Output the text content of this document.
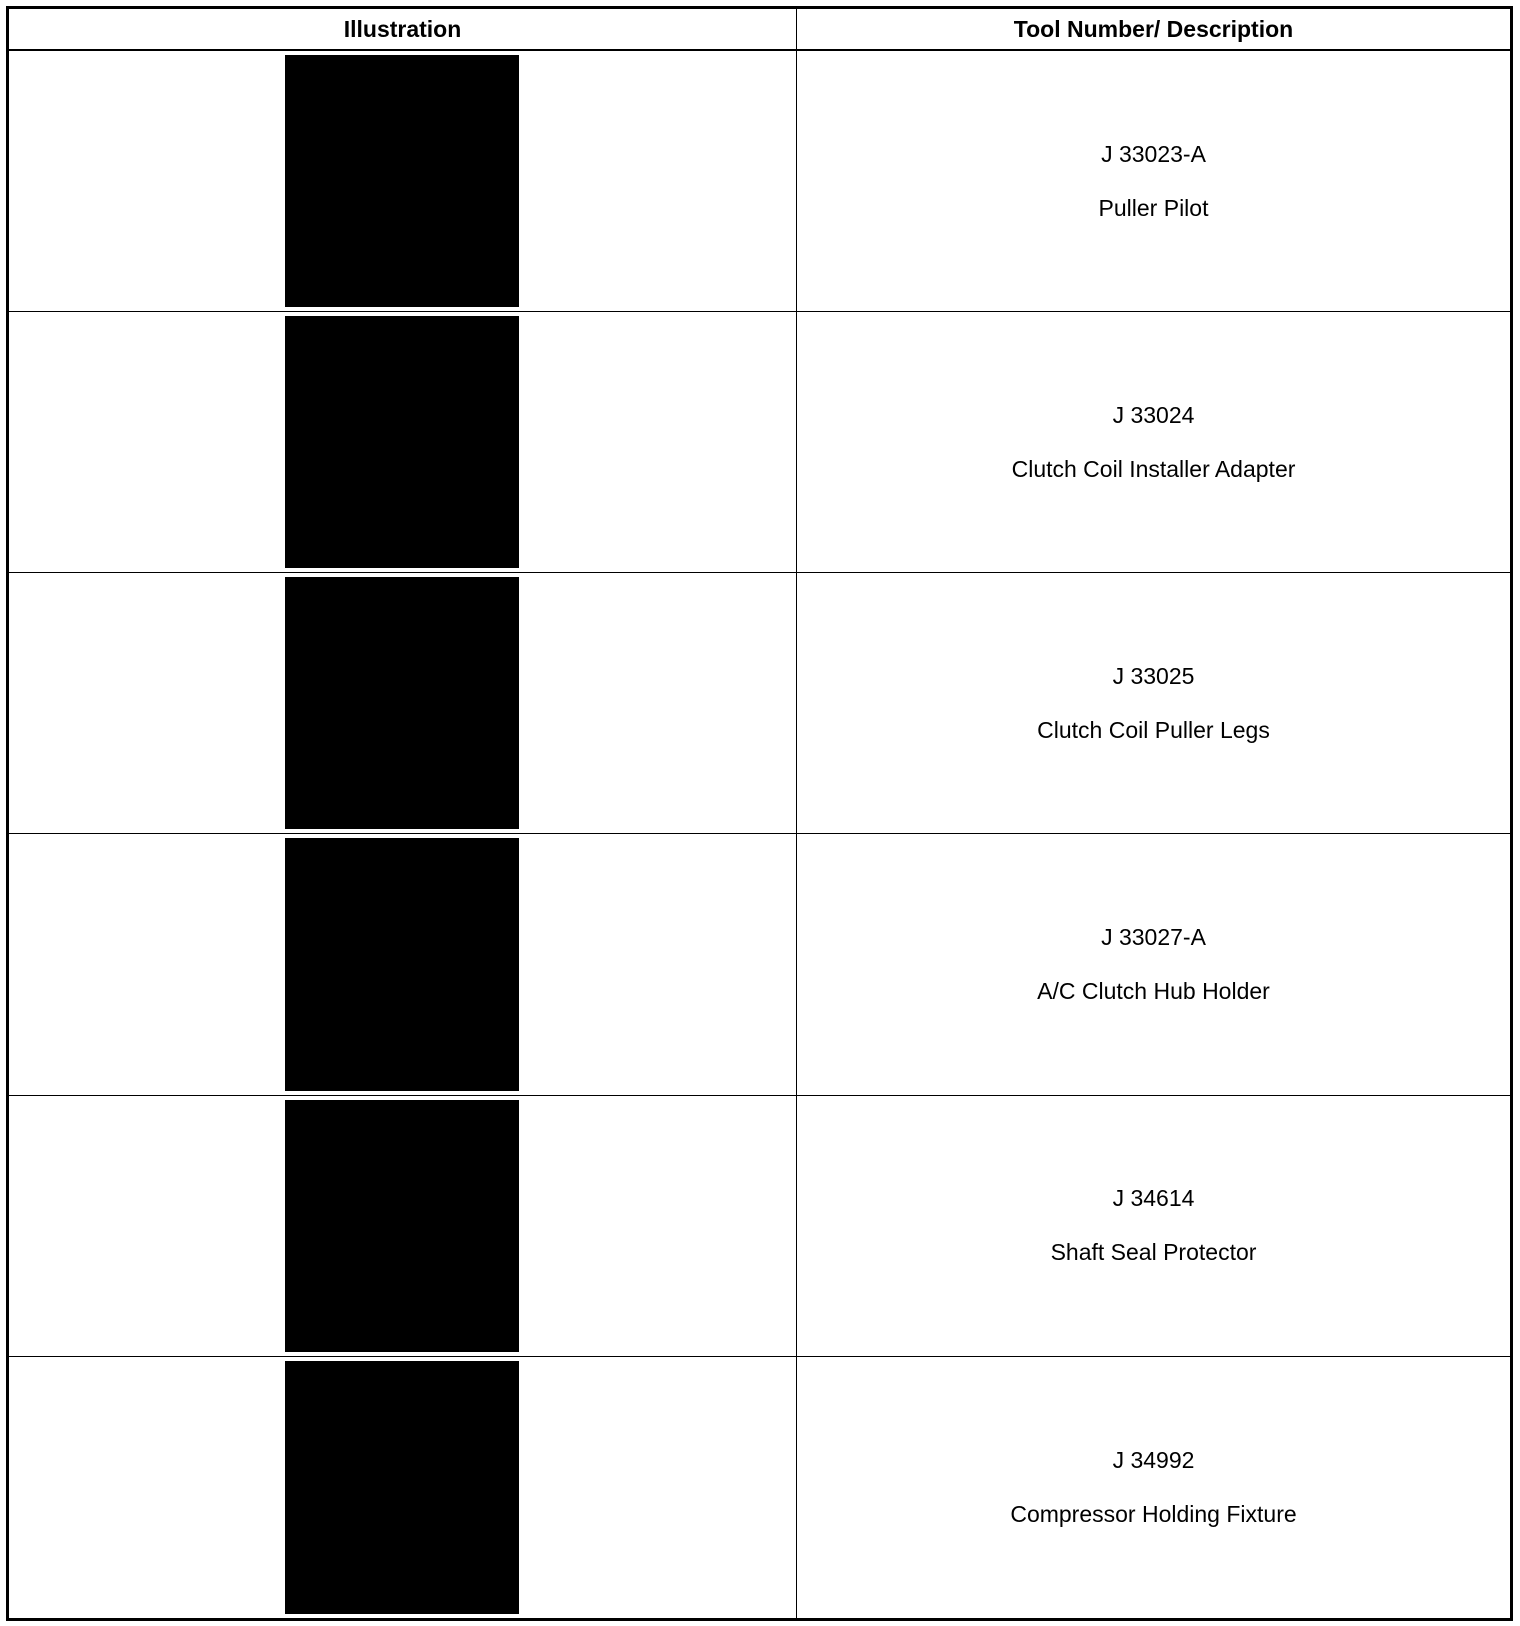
Illustration	Tool Number/ Description
J 33023-A
Puller Pilot
J 33024
Clutch Coil Installer Adapter
J 33025
Clutch Coil Puller Legs
J 33027-A
A/C Clutch Hub Holder
J 34614
Shaft Seal Protector
J 34992
Compressor Holding Fixture
